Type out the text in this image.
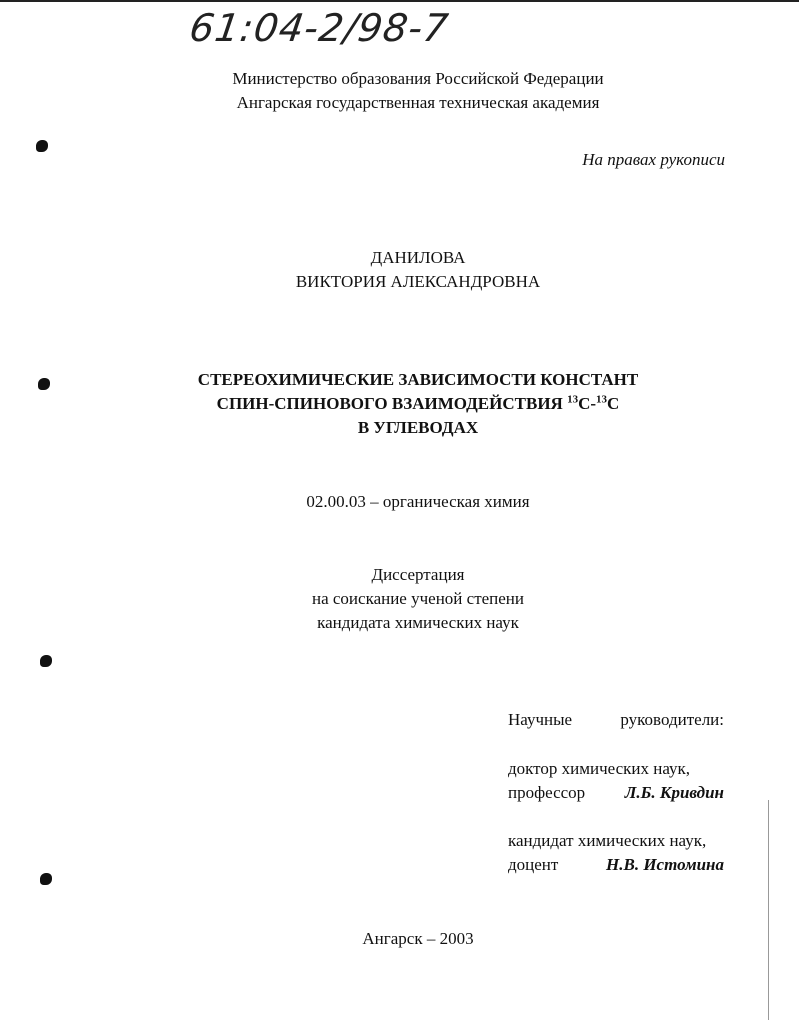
61:04-2/98-7
Министерство образования Российской Федерации
Ангарская государственная техническая академия
На правах рукописи
ДАНИЛОВА
ВИКТОРИЯ АЛЕКСАНДРОВНА
СТЕРЕОХИМИЧЕСКИЕ ЗАВИСИМОСТИ КОНСТАНТ
СПИН-СПИНОВОГО ВЗАИМОДЕЙСТВИЯ $^{13}$C-$^{13}$C
В УГЛЕВОДАХ
02.00.03 – органическая химия
Диссертация
на соискание ученой степени
кандидата химических наук
Научные	руководители:
доктор химических наук,
профессор Л.Б. Кривдин
кандидат химических наук,
доцент	Н.В. Истомина
Ангарск – 2003
